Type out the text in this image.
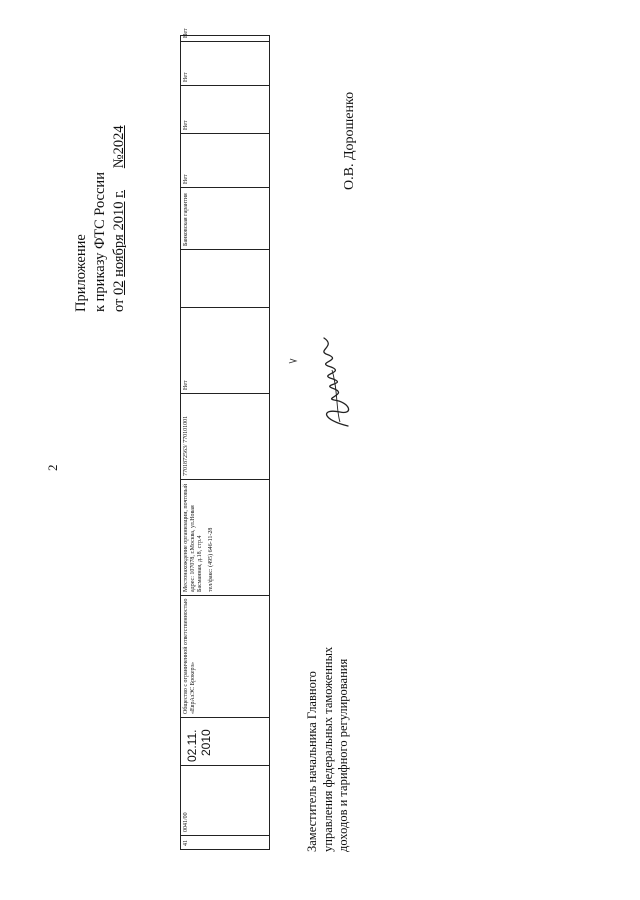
2
Приложение к приказу ФТС России от 02 ноября 2010 г.      №2024
41
0041/00
02.11. 2010
Общество с ограниченной ответственностью «ЕврАзЭС Брокерз»
Местонахождение организации, почтовый адрес: 107078, г.Москва, ул.Новая Басманная, д.18, стр.4 тел/факс: (495) 646-11-28
7701872563/ 770101001
Нет
Банковская гарантия
Нет
Нет
Нет
Нет
Заместитель начальника Главного управления федеральных таможенных доходов и тарифного регулирования
О.В. Дорошенко
